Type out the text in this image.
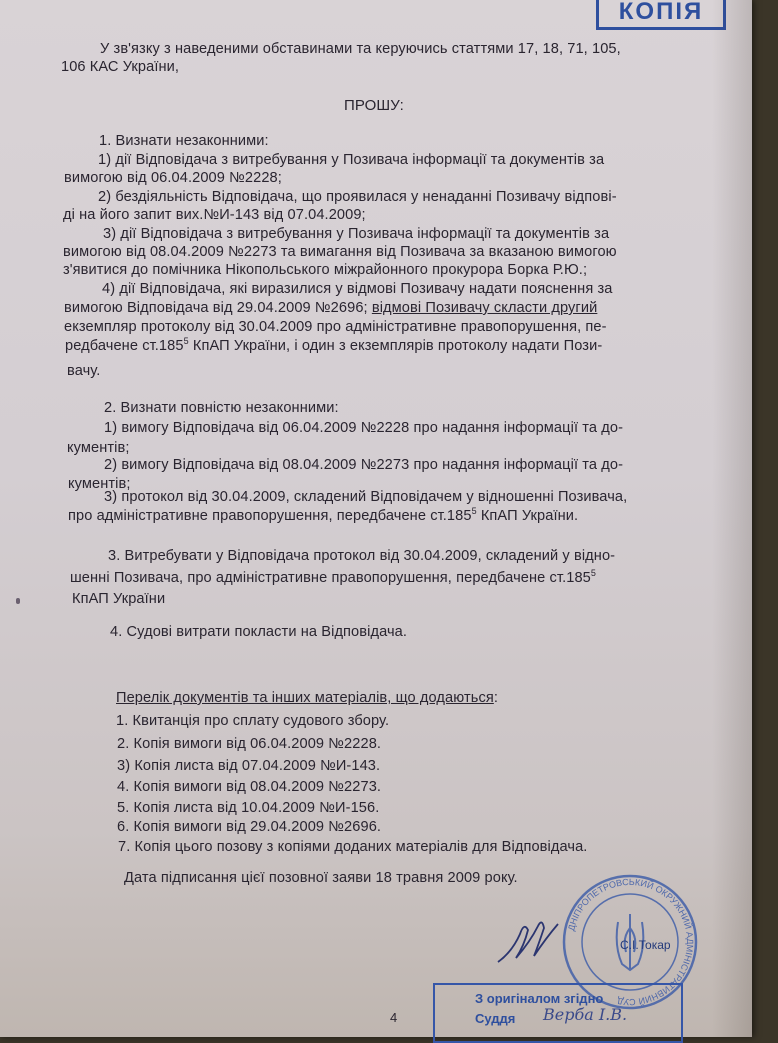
КОПІЯ
У зв'язку з наведеними обставинами та керуючись статтями 17, 18, 71, 105,
106 КАС України,
ПРОШУ:
1. Визнати незаконними:
1) дії Відповідача з витребування у Позивача інформації та документів за
вимогою від 06.04.2009 №2228;
2) бездіяльність Відповідача, що проявилася у ненаданні Позивачу відпові-
ді на його запит вих.№И-143 від 07.04.2009;
3) дії Відповідача з витребування у Позивача інформації та документів за
вимогою від 08.04.2009 №2273 та вимагання від Позивача за вказаною вимогою
з'явитися до помічника Нікопольського міжрайонного прокурора Борка Р.Ю.;
4) дії Відповідача, які виразилися у відмові Позивачу надати пояснення за
вимогою Відповідача від 29.04.2009 №2696; відмові Позивачу скласти другий
екземпляр протоколу від 30.04.2009 про адміністративне правопорушення, пе-
редбачене ст.185$^5$ КпАП України, і один з екземплярів протоколу надати Пози-
вачу.
2. Визнати повністю незаконними:
1) вимогу Відповідача від 06.04.2009 №2228 про надання інформації та до-
кументів;
2) вимогу Відповідача від 08.04.2009 №2273 про надання інформації та до-
кументів;
3) протокол від 30.04.2009, складений Відповідачем у відношенні Позивача,
про адміністративне правопорушення, передбачене ст.185$^5$ КпАП України.
3. Витребувати у Відповідача протокол від 30.04.2009, складений у відно-
шенні Позивача, про адміністративне правопорушення, передбачене ст.185$^5$
КпАП України
4. Судові витрати покласти на Відповідача.
Перелік документів та інших матеріалів, що додаються:
1. Квитанція про сплату судового збору.
2. Копія вимоги від 06.04.2009 №2228.
3) Копія листа від 07.04.2009 №И-143.
4. Копія вимоги від 08.04.2009 №2273.
5. Копія листа від 10.04.2009 №И-156.
6. Копія вимоги від 29.04.2009 №2696.
7. Копія цього позову з копіями доданих матеріалів для Відповідача.
Дата підписання цієї позовної заяви 18 травня 2009 року.
ДНІПРОПЕТРОВСЬКИЙ ОКРУЖНИЙ АДМІНІСТРАТИВНИЙ СУД
С.І.Токар
З оригіналом згідно
Суддя Верба І.В.
4
